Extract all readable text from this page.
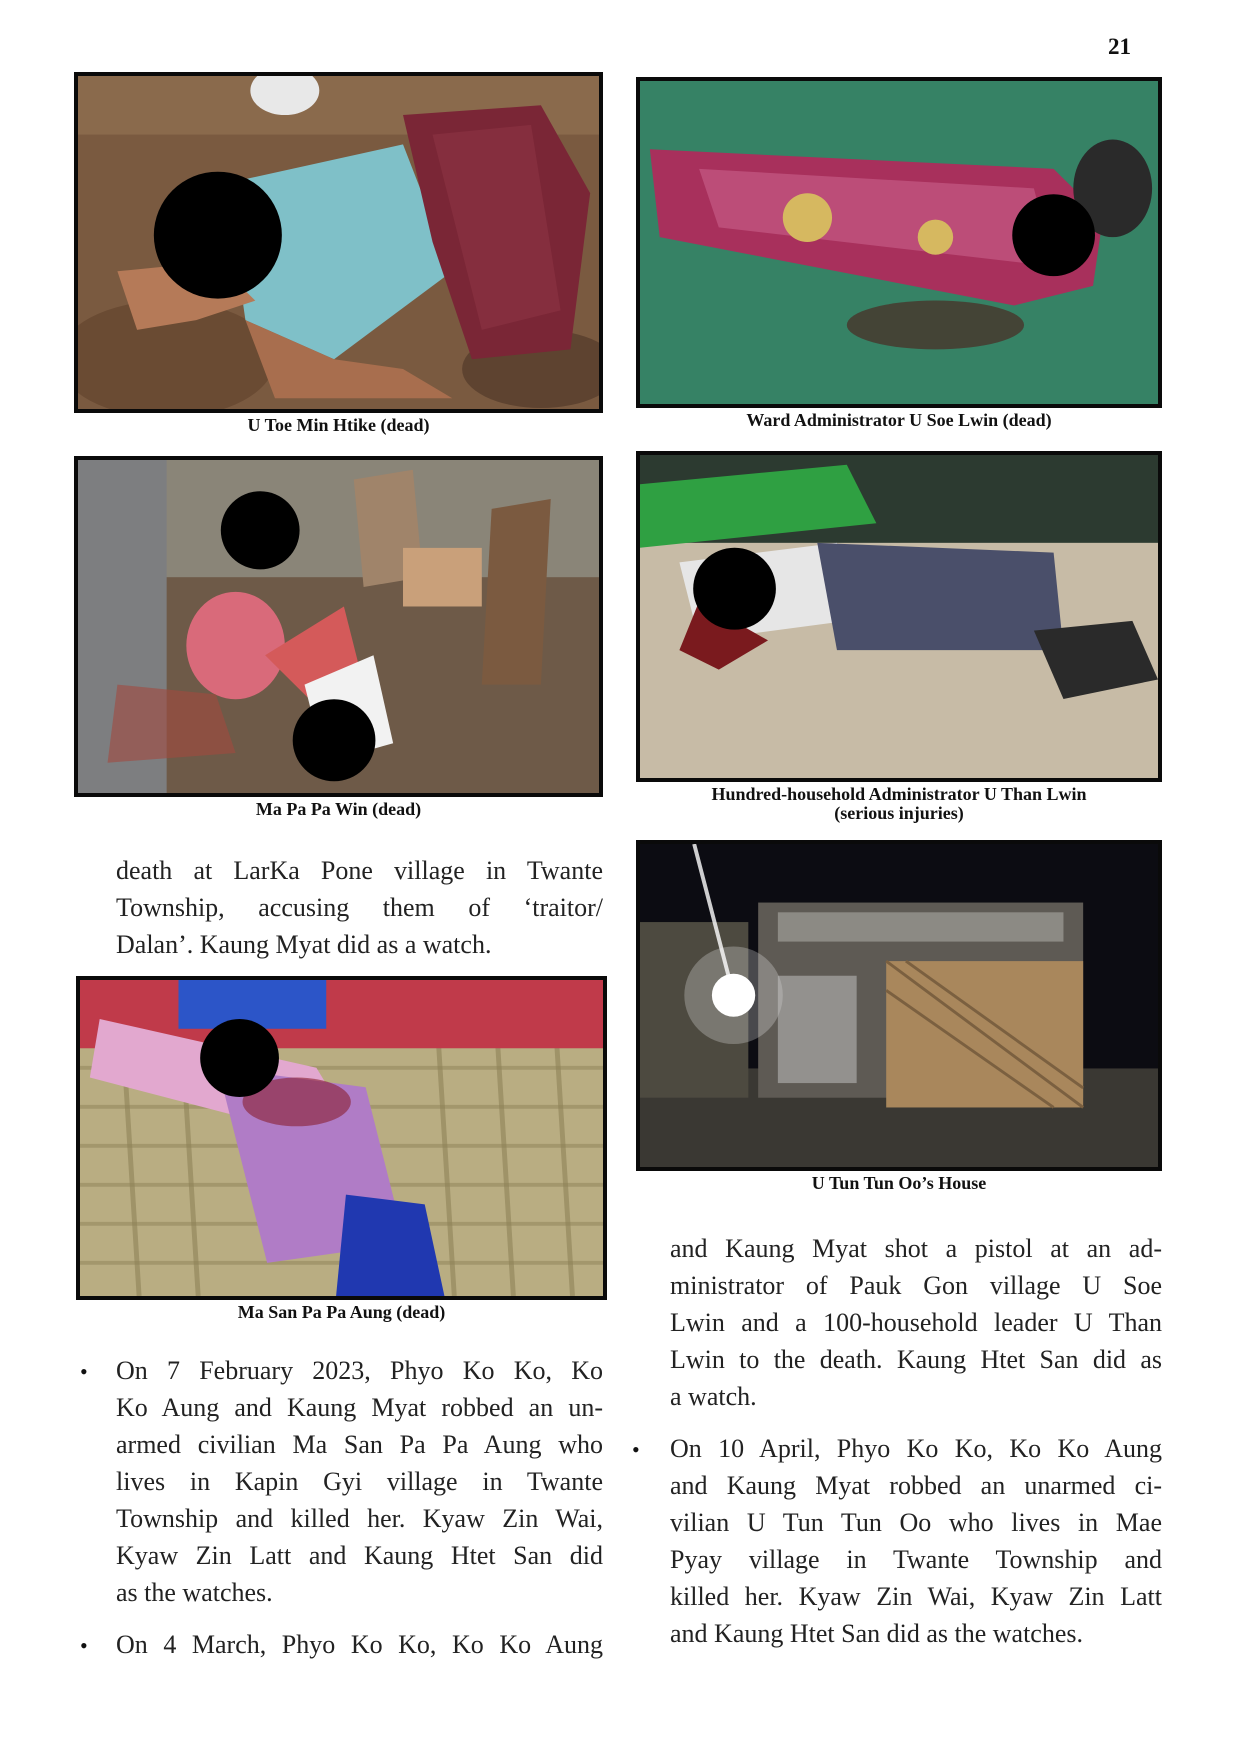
21
U Toe Min Htike (dead)	Ward Administrator U Soe Lwin (dead)
Ma Pa Pa Win (dead)
Hundred-household Administrator U Than Lwin
(serious injuries)
U Tun Tun Oo’s House
Ma San Pa Pa Aung (dead)
death at LarKa Pone village in Twante
Township, accusing them of ‘traitor/
Dalan’. Kaung Myat did as a watch.
• On 7 February 2023, Phyo Ko Ko, Ko
Ko Aung and Kaung Myat robbed an un-
armed civilian Ma San Pa Pa Aung who
lives in Kapin Gyi village in Twante
Township and killed her. Kyaw Zin Wai,
Kyaw Zin Latt and Kaung Htet San did
as the watches.
• On 4 March, Phyo Ko Ko, Ko Ko Aung
and Kaung Myat shot a pistol at an ad-
ministrator of Pauk Gon village U Soe
Lwin and a 100-household leader U Than
Lwin to the death. Kaung Htet San did as
a watch.
• On 10 April, Phyo Ko Ko, Ko Ko Aung
and Kaung Myat robbed an unarmed ci-
vilian U Tun Tun Oo who lives in Mae
Pyay village in Twante Township and
killed her. Kyaw Zin Wai, Kyaw Zin Latt
and Kaung Htet San did as the watches.
